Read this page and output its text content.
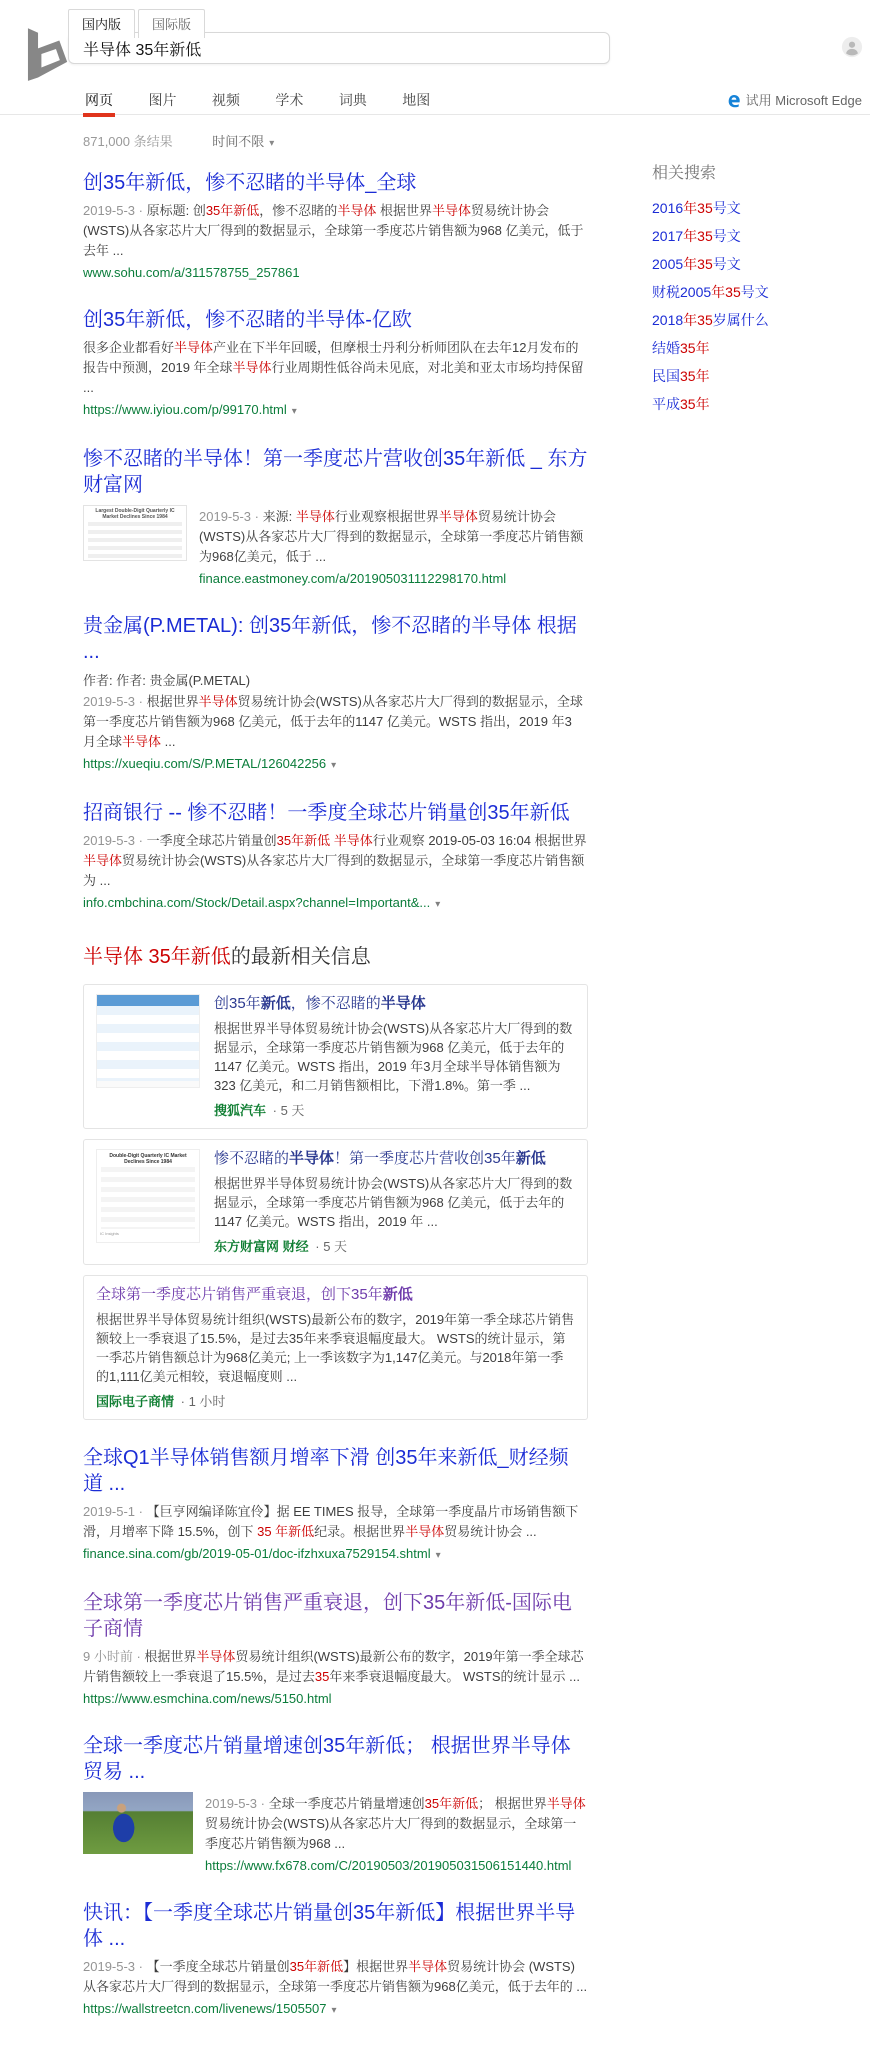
国内版 国际版
半导体 35年新低
网页	图片	视频	学术	词典	地图	试用 Microsoft Edge
871,000 条结果	时间不限 ▾
创35年新低，惨不忍睹的半导体_全球

2019-5-3 · 原标题: 创35年新低，惨不忍睹的半导体 根据世界半导体贸易统计协会(WSTS)从各家芯片大厂得到的数据显示，全球第一季度芯片销售额为968 亿美元，低于去年 ...

www.sohu.com/a/311578755_257861
创35年新低，惨不忍睹的半导体-亿欧

很多企业都看好半导体产业在下半年回暖，但摩根士丹利分析师团队在去年12月发布的报告中预测，2019 年全球半导体行业周期性低谷尚未见底，对北美和亚太市场均持保留 ...

https://www.iyiou.com/p/99170.html ▾
惨不忍睹的半导体！第一季度芯片营收创35年新低 _ 东方财富网
Largest Double-Digit Quarterly IC Market Declines Since 1984	2019-5-3 · 来源: 半导体行业观察根据世界半导体贸易统计协会(WSTS)从各家芯片大厂得到的数据显示，全球第一季度芯片销售额为968亿美元，低于 ...

finance.eastmoney.com/a/201905031112298170.html
贵金属(P.METAL): 创35年新低，惨不忍睹的半导体 根据 ...
作者: 作者: 贵金属(P.METAL)

2019-5-3 · 根据世界半导体贸易统计协会(WSTS)从各家芯片大厂得到的数据显示，全球第一季度芯片销售额为968 亿美元，低于去年的1147 亿美元。WSTS 指出，2019 年3 月全球半导体 ...

https://xueqiu.com/S/P.METAL/126042256 ▾
招商银行 -- 惨不忍睹！一季度全球芯片销量创35年新低

2019-5-3 · 一季度全球芯片销量创35年新低 半导体行业观察 2019-05-03 16:04 根据世界半导体贸易统计协会(WSTS)从各家芯片大厂得到的数据显示，全球第一季度芯片销售额为 ...

info.cmbchina.com/Stock/Detail.aspx?channel=Important&... ▾
半导体 35年新低的最新相关信息
创35年新低，惨不忍睹的半导体
根据世界半导体贸易统计协会(WSTS)从各家芯片大厂得到的数据显示，全球第一季度芯片销售额为968 亿美元，低于去年的1147 亿美元。WSTS 指出，2019 年3月全球半导体销售额为323 亿美元，和二月销售额相比，下滑1.8%。第一季 ...
搜狐汽车 · 5 天
Double-Digit Quarterly IC Market Declines Since 1984
IC Insights
惨不忍睹的半导体！第一季度芯片营收创35年新低
根据世界半导体贸易统计协会(WSTS)从各家芯片大厂得到的数据显示，全球第一季度芯片销售额为968 亿美元，低于去年的1147 亿美元。WSTS 指出，2019 年 ...
东方财富网 财经 · 5 天
全球第一季度芯片销售严重衰退，创下35年新低
根据世界半导体贸易统计组织(WSTS)最新公布的数字，2019年第一季全球芯片销售额较上一季衰退了15.5%，是过去35年来季衰退幅度最大。 WSTS的统计显示，第一季芯片销售额总计为968亿美元; 上一季该数字为1,147亿美元。与2018年第一季的1,111亿美元相较，衰退幅度则 ...
国际电子商情 · 1 小时
全球Q1半导体销售额月增率下滑 创35年来新低_财经频道 ...

2019-5-1 · 【巨亨网编译陈宜伶】据 EE TIMES 报导，全球第一季度晶片市场销售额下滑，月增率下降 15.5%，创下 35 年新低纪录。根据世界半导体贸易统计协会 ...

finance.sina.com/gb/2019-05-01/doc-ifzhxuxa7529154.shtml ▾
全球第一季度芯片销售严重衰退，创下35年新低-国际电子商情

9 小时前 · 根据世界半导体贸易统计组织(WSTS)最新公布的数字，2019年第一季全球芯片销售额较上一季衰退了15.5%，是过去35年来季衰退幅度最大。 WSTS的统计显示 ...

https://www.esmchina.com/news/5150.html
全球一季度芯片销量增速创35年新低； 根据世界半导体贸易 ...

2019-5-3 · 全球一季度芯片销量增速创35年新低； 根据世界半导体贸易统计协会(WSTS)从各家芯片大厂得到的数据显示，全球第一季度芯片销售额为968 ...

https://www.fx678.com/C/20190503/201905031506151440.html
快讯：【一季度全球芯片销量创35年新低】根据世界半导体 ...

2019-5-3 · 【一季度全球芯片销量创35年新低】根据世界半导体贸易统计协会 (WSTS) 从各家芯片大厂得到的数据显示，全球第一季度芯片销售额为968亿美元，低于去年的 ...

https://wallstreetcn.com/livenews/1505507 ▾
相关搜索
2016年35号文
2017年35号文
2005年35号文
财税2005年35号文
2018年35岁属什么
结婚35年
民国35年
平成35年
